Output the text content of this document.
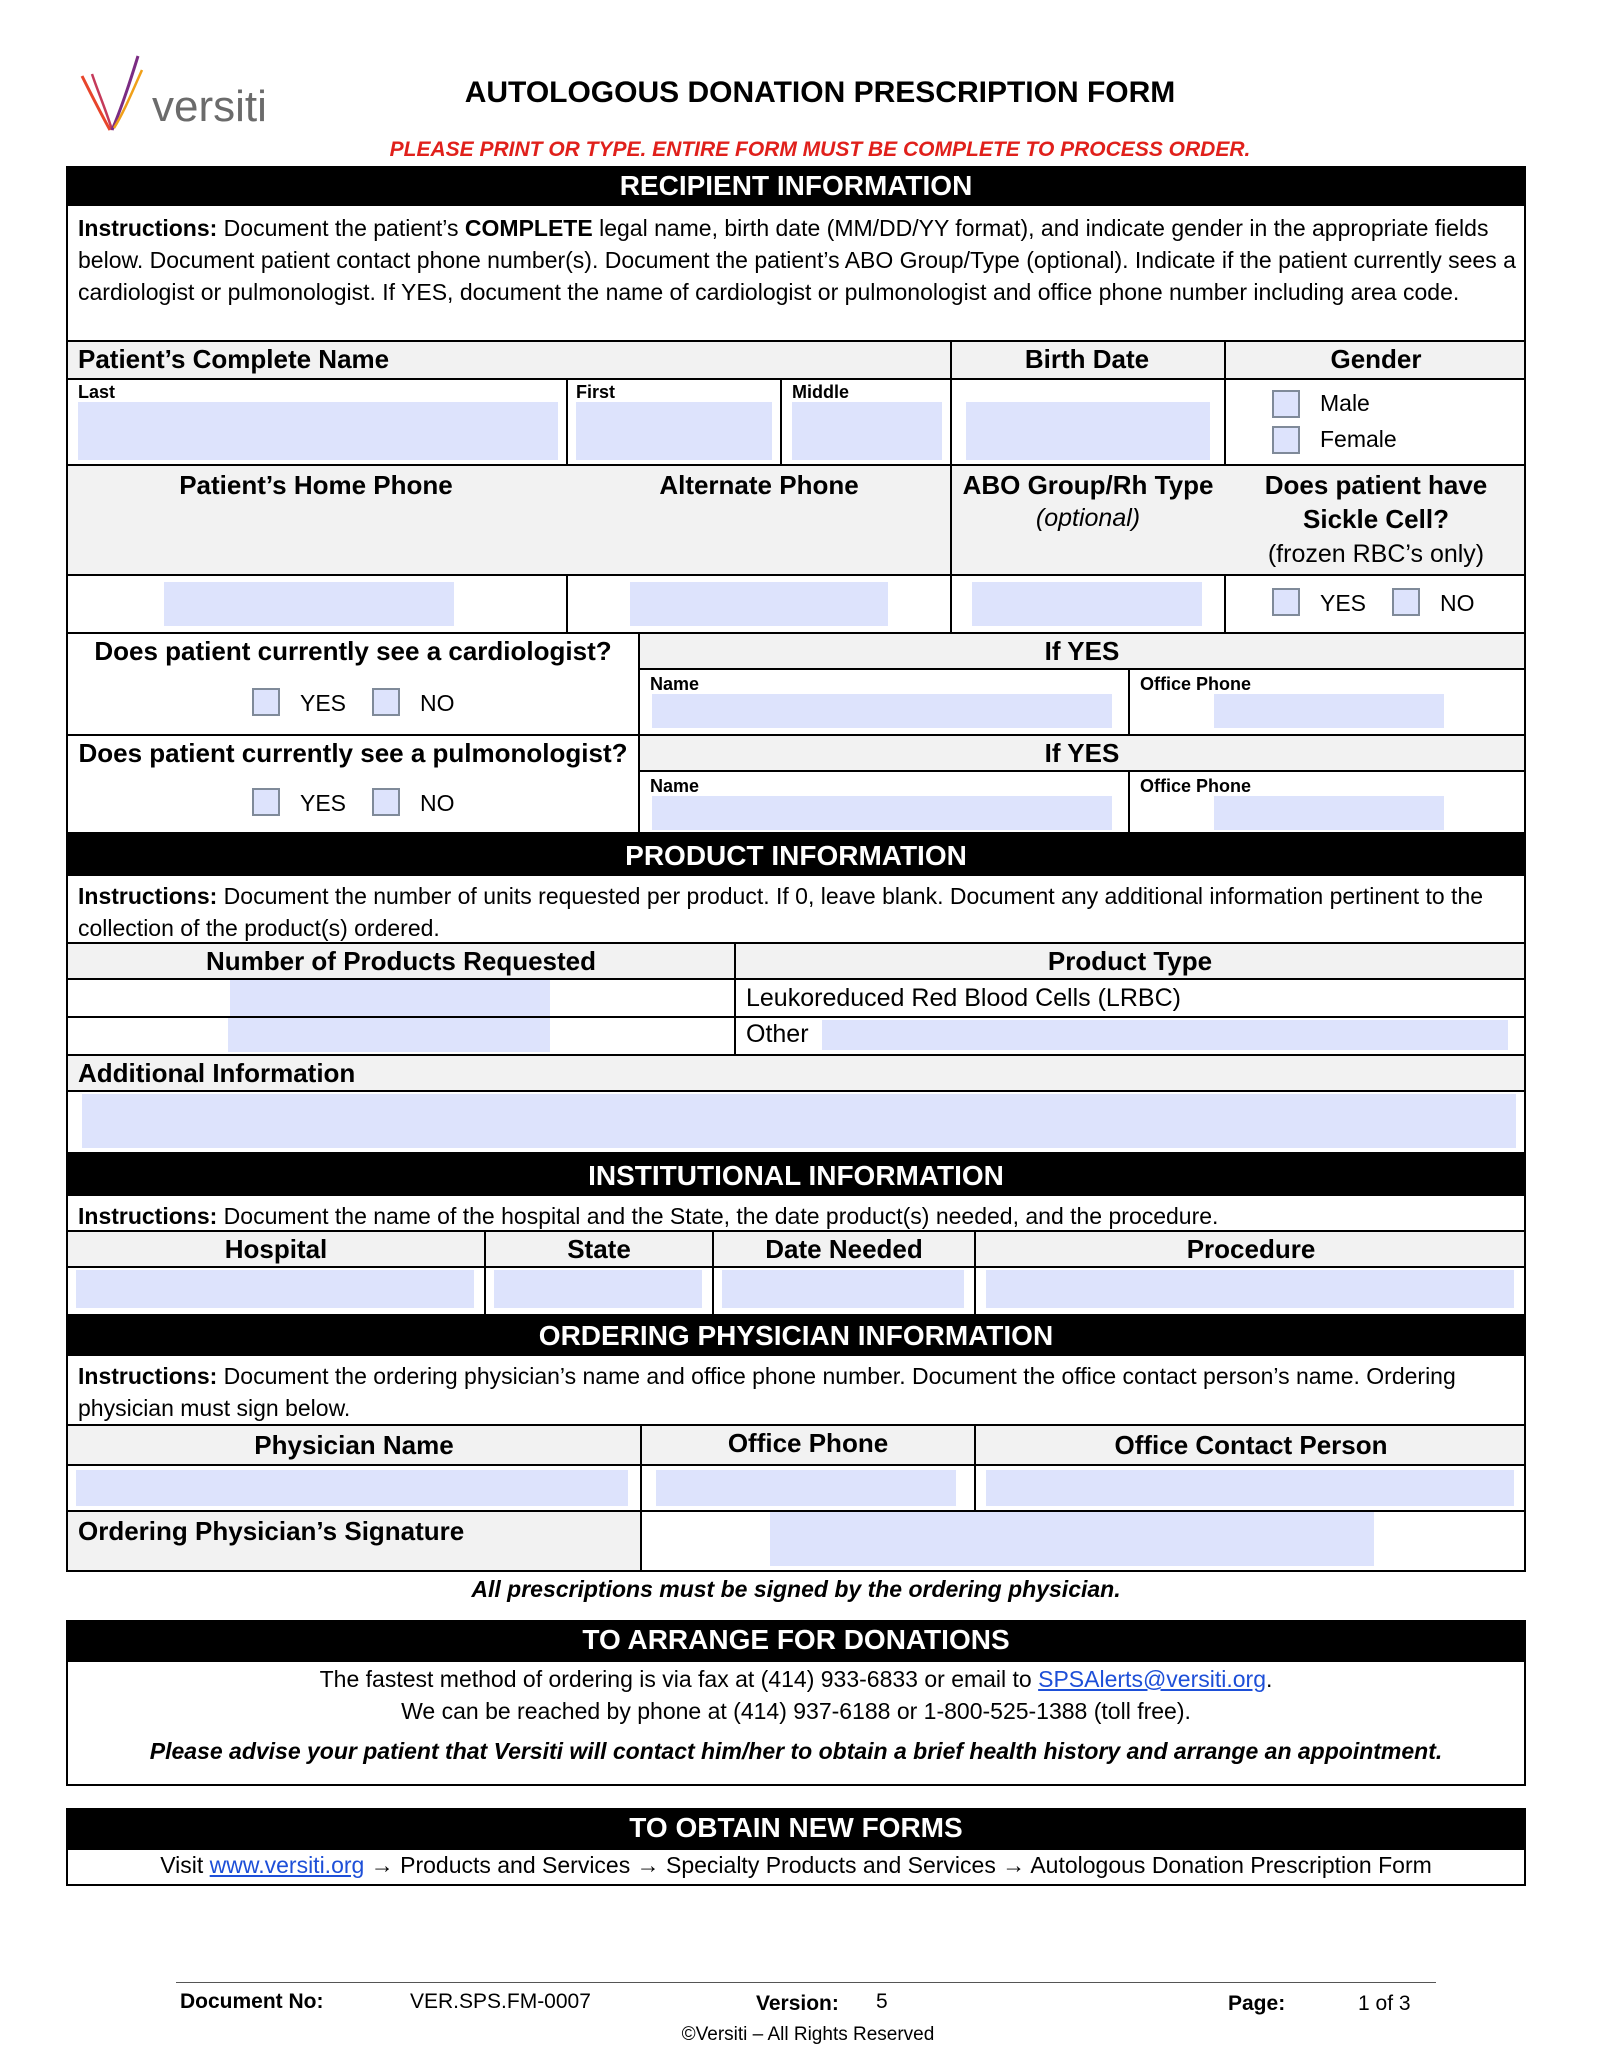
versiti	AUTOLOGOUS DONATION PRESCRIPTION FORM
PLEASE PRINT OR TYPE. ENTIRE FORM MUST BE COMPLETE TO PROCESS ORDER.
RECIPIENT INFORMATION
Instructions: Document the patient’s COMPLETE legal name, birth date (MM/DD/YY format), and indicate gender in the appropriate fields below. Document patient contact phone number(s). Document the patient’s ABO Group/Type (optional). Indicate if the patient currently sees a cardiologist or pulmonologist. If YES, document the name of cardiologist or pulmonologist and office phone number including area code.
Patient’s Complete Name	Birth Date	Gender
Last	First	Middle	Male
Female
Patient’s Home Phone	Alternate Phone	ABO Group/Rh Type
(optional)
Does patient have
Sickle Cell?
(frozen RBC’s only)
YES	NO
Does patient currently see a cardiologist?	If YES
YES	NO
Name	Office Phone
Does patient currently see a pulmonologist?	If YES
YES	NO
Name	Office Phone
PRODUCT INFORMATION
Instructions: Document the number of units requested per product. If 0, leave blank. Document any additional information pertinent to the collection of the product(s) ordered.
Number of Products Requested	Product Type
Leukoreduced Red Blood Cells (LRBC)
Other
Additional Information
INSTITUTIONAL INFORMATION
Instructions: Document the name of the hospital and the State, the date product(s) needed, and the procedure.
Hospital	State	Date Needed	Procedure
ORDERING PHYSICIAN INFORMATION
Instructions: Document the ordering physician’s name and office phone number. Document the office contact person’s name. Ordering physician must sign below.
Physician Name	Office Phone	Office Contact Person
Ordering Physician’s Signature
All prescriptions must be signed by the ordering physician.
TO ARRANGE FOR DONATIONS
The fastest method of ordering is via fax at (414) 933-6833 or email to SPSAlerts@versiti.org.
We can be reached by phone at (414) 937-6188 or 1-800-525-1388 (toll free).
Please advise your patient that Versiti will contact him/her to obtain a brief health history and arrange an appointment.
TO OBTAIN NEW FORMS
Visit www.versiti.org → Products and Services → Specialty Products and Services → Autologous Donation Prescription Form
Document No:	VER.SPS.FM-0007	Version: 5	Page:	1 of 3
©Versiti – All Rights Reserved
